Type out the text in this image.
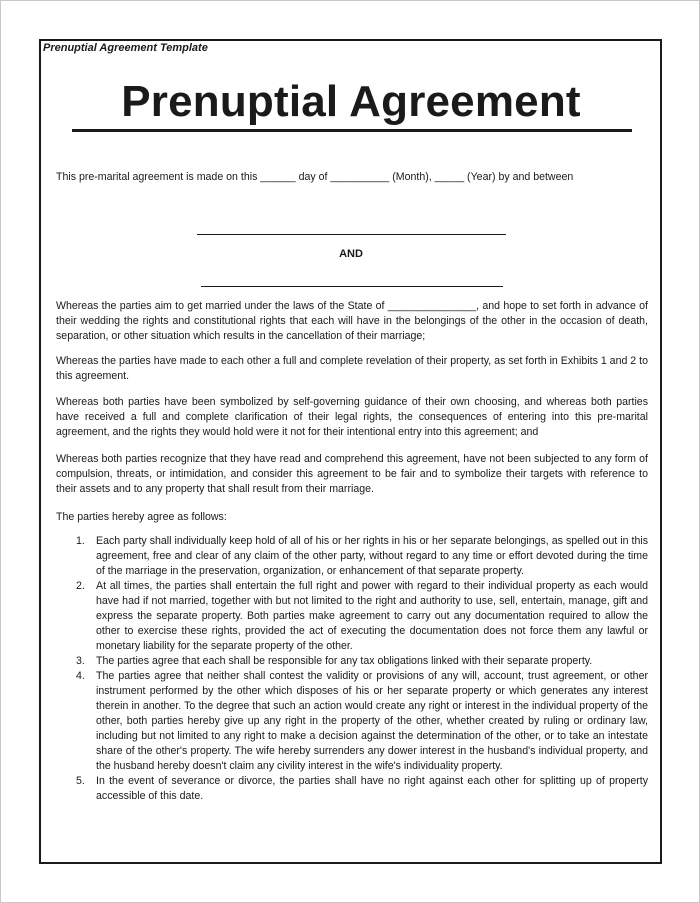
Prenuptial Agreement Template
Prenuptial Agreement
This pre-marital agreement is made on this ______ day of __________ (Month), _____ (Year) by and between
AND
Whereas the parties aim to get married under the laws of the State of _______________, and hope to set forth in advance of their wedding the rights and constitutional rights that each will have in the belongings of the other in the occasion of death, separation, or other situation which results in the cancellation of their marriage;
Whereas the parties have made to each other a full and complete revelation of their property, as set forth in Exhibits 1 and 2 to this agreement.
Whereas both parties have been symbolized by self-governing guidance of their own choosing, and whereas both parties have received a full and complete clarification of their legal rights, the consequences of entering into this pre-marital agreement, and the rights they would hold were it not for their intentional entry into this agreement; and
Whereas both parties recognize that they have read and comprehend this agreement, have not been subjected to any form of compulsion, threats, or intimidation, and consider this agreement to be fair and to symbolize their targets with reference to their assets and to any property that shall result from their marriage.
The parties hereby agree as follows:
1. Each party shall individually keep hold of all of his or her rights in his or her separate belongings, as spelled out in this agreement, free and clear of any claim of the other party, without regard to any time or effort devoted during the time of the marriage in the preservation, organization, or enhancement of that separate property.
2. At all times, the parties shall entertain the full right and power with regard to their individual property as each would have had if not married, together with but not limited to the right and authority to use, sell, entertain, manage, gift and express the separate property. Both parties make agreement to carry out any documentation required to allow the other to exercise these rights, provided the act of executing the documentation does not force them any lawful or monetary liability for the separate property of the other.
3. The parties agree that each shall be responsible for any tax obligations linked with their separate property.
4. The parties agree that neither shall contest the validity or provisions of any will, account, trust agreement, or other instrument performed by the other which disposes of his or her separate property or which generates any interest therein in another. To the degree that such an action would create any right or interest in the individual property of the other, both parties hereby give up any right in the property of the other, whether created by ruling or ordinary law, including but not limited to any right to make a decision against the determination of the other, or to take an intestate share of the other's property. The wife hereby surrenders any dower interest in the husband's individual property, and the husband hereby doesn't claim any civility interest in the wife's individuality property.
5. In the event of severance or divorce, the parties shall have no right against each other for splitting up of property accessible of this date.
